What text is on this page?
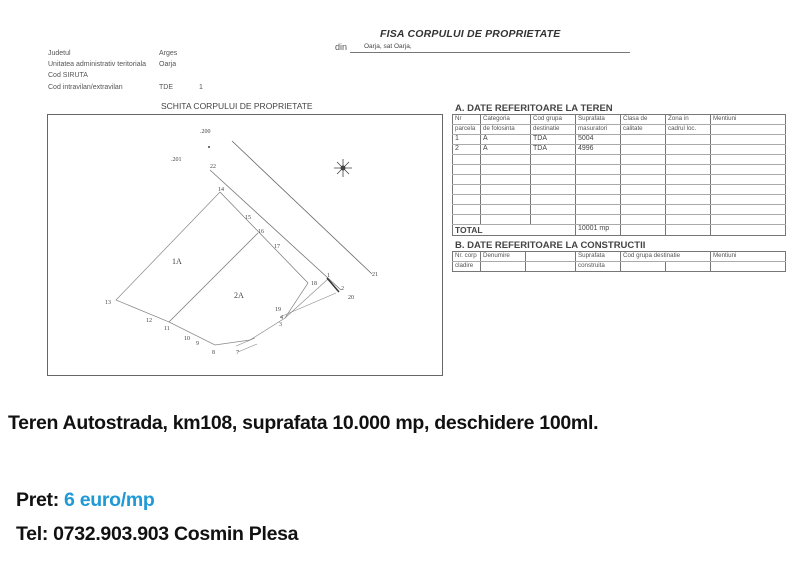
FISA CORPULUI DE PROPRIETATE
din	Oarja, sat Oarja,
Judetul	Arges
Unitatea administrativ teritoriala Oarja
Cod SIRUTA
Cod intravilan/extravilan	TDE	1
SCHITA CORPULUI DE PROPRIETATE
.200
.201
22
14
15
16
17
18
1
2
20
21
19
4
3
13
12
11
10
9
8	7
1A
2A
A. DATE REFERITOARE LA TEREN
Nr	Categoria	Cod grupa	Suprafata	Clasa de	Zona in	Mentiuni
parcela	de folosinta	destinatie	masuratori	calitate	cadrul loc.	
1	A	TDA	5004			
2	A	TDA	4996			

TOTAL			10001 mp			
B. DATE REFERITOARE LA CONSTRUCTII
Nr. corp	Denumire		Suprafata	Cod grupa destinatie		Mentiuni
cladire			construita			
Teren Autostrada, km108, suprafata 10.000 mp, deschidere 100ml.
Pret: 6 euro/mp
Tel: 0732.903.903 Cosmin Plesa
